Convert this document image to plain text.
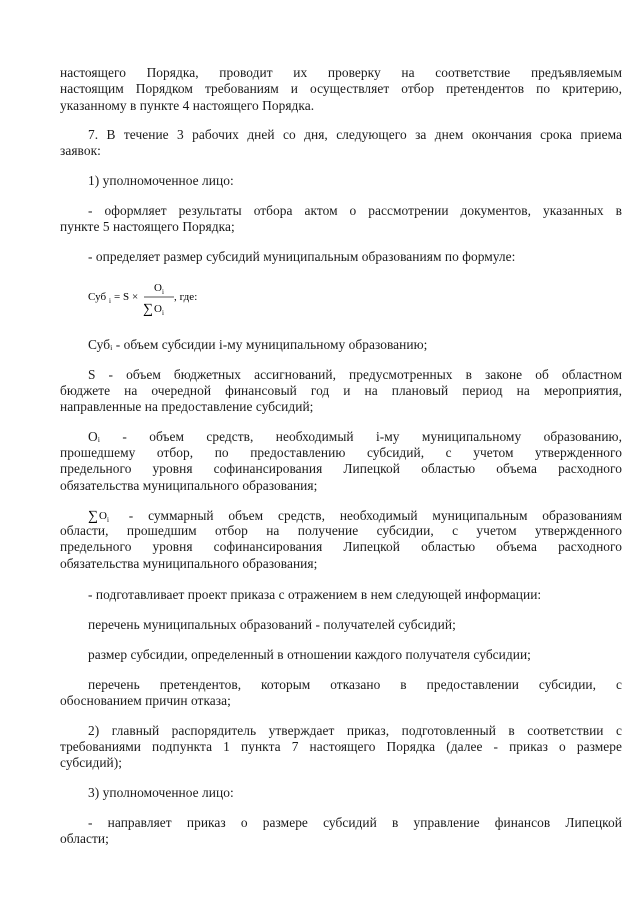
настоящего Порядка, проводит их проверку на соответствие предъявляемым
настоящим Порядком требованиям и осуществляет отбор претендентов по критерию,
указанному в пункте 4 настоящего Порядка.
7. В течение 3 рабочих дней со дня, следующего за днем окончания срока приема
заявок:
1) уполномоченное лицо:
- оформляет результаты отбора актом о рассмотрении документов, указанных в
пункте 5 настоящего Порядка;
- определяет размер субсидий муниципальным образованиям по формуле:
Суб i = S ×
O i
∑ O i
, где:
Субᵢ - объем субсидии i-му муниципальному образованию;
S - объем бюджетных ассигнований, предусмотренных в законе об областном
бюджете на очередной финансовый год и на плановый период на мероприятия,
направленные на предоставление субсидий;
Oᵢ - объем средств, необходимый i-му муниципальному образованию,
прошедшему отбор, по предоставлению субсидий, с учетом утвержденного
предельного уровня софинансирования Липецкой областью объема расходного
обязательства муниципального образования;
∑ O i - суммарный объем средств, необходимый муниципальным образованиям
области, прошедшим отбор на получение субсидии, с учетом утвержденного
предельного уровня софинансирования Липецкой областью объема расходного
обязательства муниципального образования;
- подготавливает проект приказа с отражением в нем следующей информации:
перечень муниципальных образований - получателей субсидий;
размер субсидии, определенный в отношении каждого получателя субсидии;
перечень претендентов, которым отказано в предоставлении субсидии, с
обоснованием причин отказа;
2) главный распорядитель утверждает приказ, подготовленный в соответствии с
требованиями подпункта 1 пункта 7 настоящего Порядка (далее - приказ о размере
субсидий);
3) уполномоченное лицо:
- направляет приказ о размере субсидий в управление финансов Липецкой
области;
